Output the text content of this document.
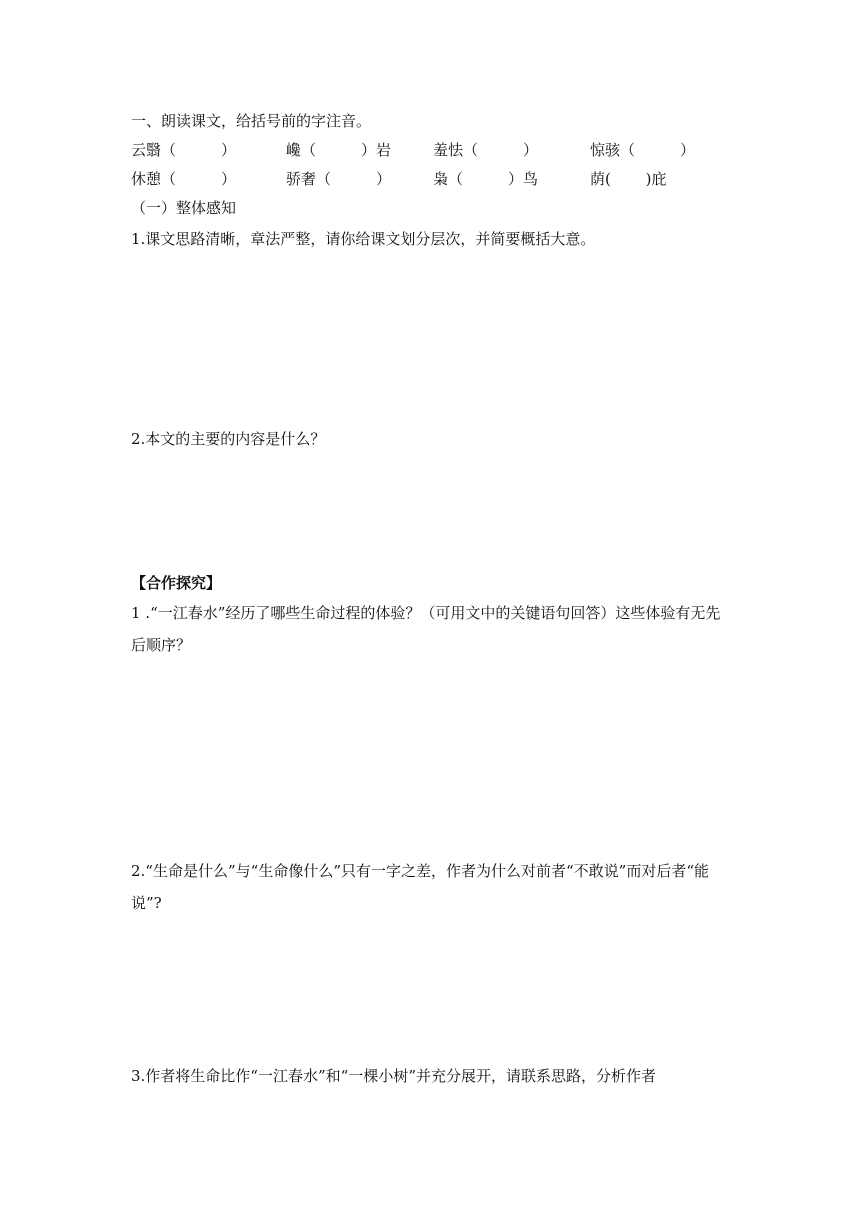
一、朗读课文，给括号前的字注音。
云翳（　　　）	巉（　　　）岩	羞怯（　　　）	惊骇（　　　）
休憩（　　　）	骄奢（　　　）	枭（　　　）鸟	荫(　　 )庇
（一）整体感知
1.课文思路清晰，章法严整，请你给课文划分层次，并简要概括大意。
2.本文的主要的内容是什么？
【合作探究】
1 .“一江春水”经历了哪些生命过程的体验？（可用文中的关键语句回答）这些体验有无先后顺序？
2.“生命是什么”与“生命像什么”只有一字之差，作者为什么对前者“不敢说”而对后者“能说”?
3.作者将生命比作“一江春水”和“一棵小树”并充分展开，请联系思路，分析作者
